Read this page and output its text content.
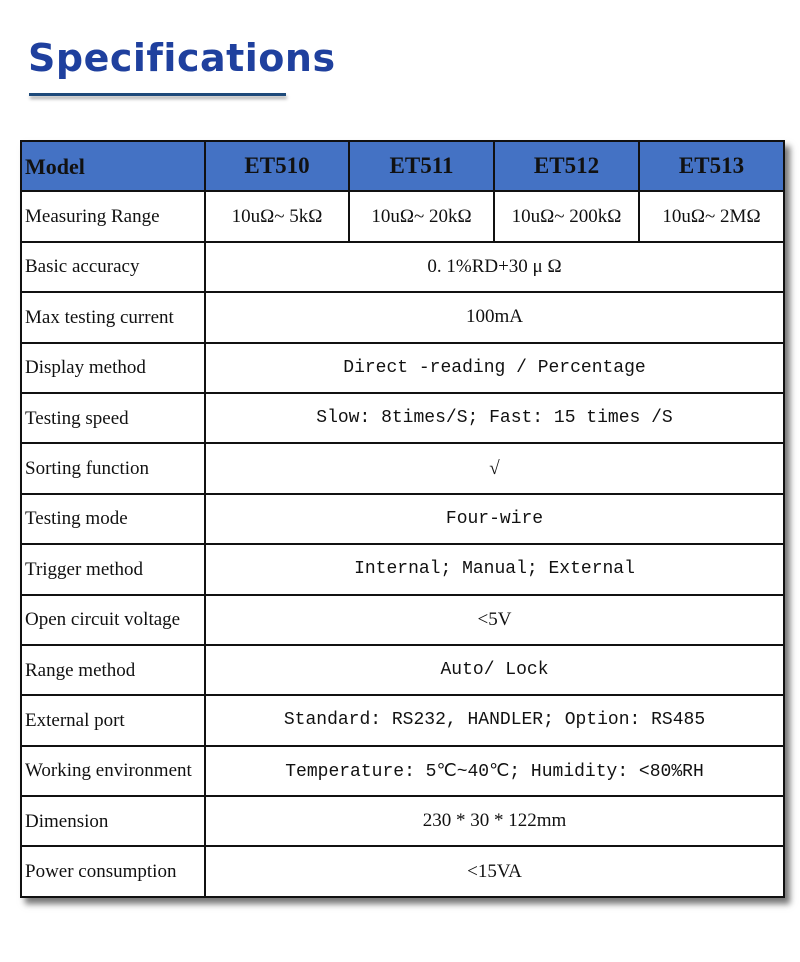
Specifications
Model	ET510	ET511	ET512	ET513
Measuring Range	10uΩ~ 5kΩ	10uΩ~ 20kΩ	10uΩ~ 200kΩ	10uΩ~ 2MΩ
Basic accuracy	0. 1%RD+30 μ Ω			
Max testing current	100mA			
Display method	Direct -reading / Percentage			
Testing speed	Slow: 8times/S; Fast: 15 times /S			
Sorting function	√			
Testing mode	Four-wire			
Trigger method	Internal; Manual; External			
Open circuit voltage	<5V			
Range method	Auto/ Lock			
External port	Standard: RS232, HANDLER; Option: RS485			
Working environment	Temperature: 5℃~40℃; Humidity: <80%RH			
Dimension	230 * 30 * 122mm			
Power consumption	<15VA			
